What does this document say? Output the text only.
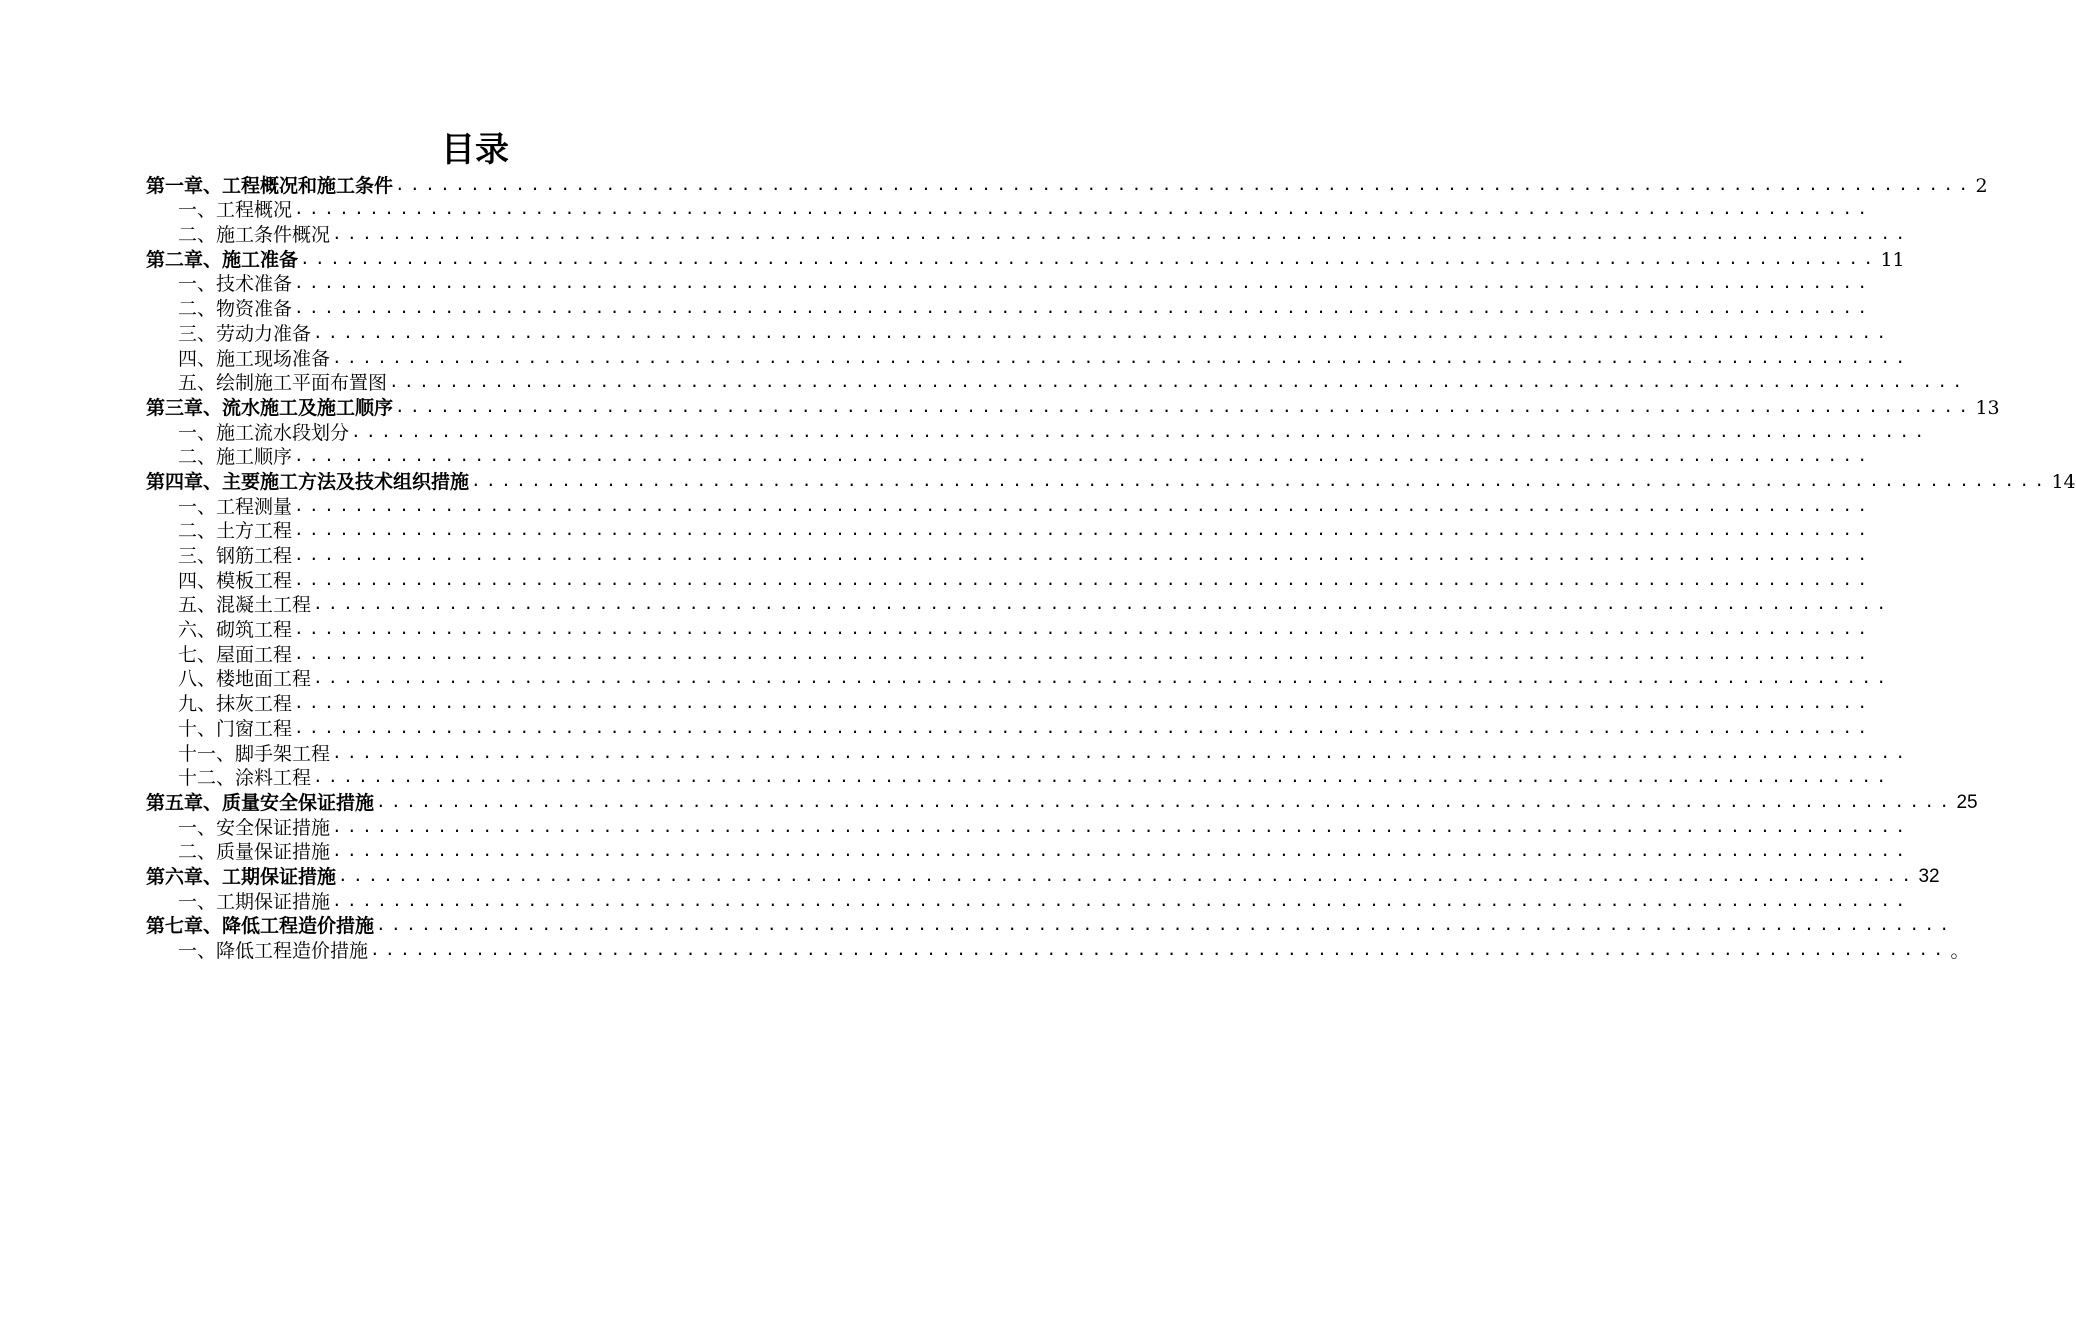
目录
第一章、工程概况和施工条件 ......................................................................................................... 2
一、工程概况 .........................................................................................................
二、施工条件概况 .........................................................................................................
第二章、施工准备 ......................................................................................................... 11
一、技术准备 .........................................................................................................
二、物资准备 .........................................................................................................
三、劳动力准备 .........................................................................................................
四、施工现场准备 .........................................................................................................
五、绘制施工平面布置图 .........................................................................................................
第三章、流水施工及施工顺序 ......................................................................................................... 13
一、施工流水段划分 .........................................................................................................
二、施工顺序 .........................................................................................................
第四章、主要施工方法及技术组织措施 ......................................................................................................... 14
一、工程测量 .........................................................................................................
二、土方工程 .........................................................................................................
三、钢筋工程 .........................................................................................................
四、模板工程 .........................................................................................................
五、混凝土工程 .........................................................................................................
六、砌筑工程 .........................................................................................................
七、屋面工程 .........................................................................................................
八、楼地面工程 .........................................................................................................
九、抹灰工程 .........................................................................................................
十、门窗工程 .........................................................................................................
十一、脚手架工程 .........................................................................................................
十二、涂料工程 .........................................................................................................
第五章、质量安全保证措施 ......................................................................................................... 25
一、安全保证措施 .........................................................................................................
二、质量保证措施 .........................................................................................................
第六章、工期保证措施 ......................................................................................................... 32
一、工期保证措施 .........................................................................................................
第七章、降低工程造价措施 .........................................................................................................
一、降低工程造价措施 ......................................................................................................... 。
